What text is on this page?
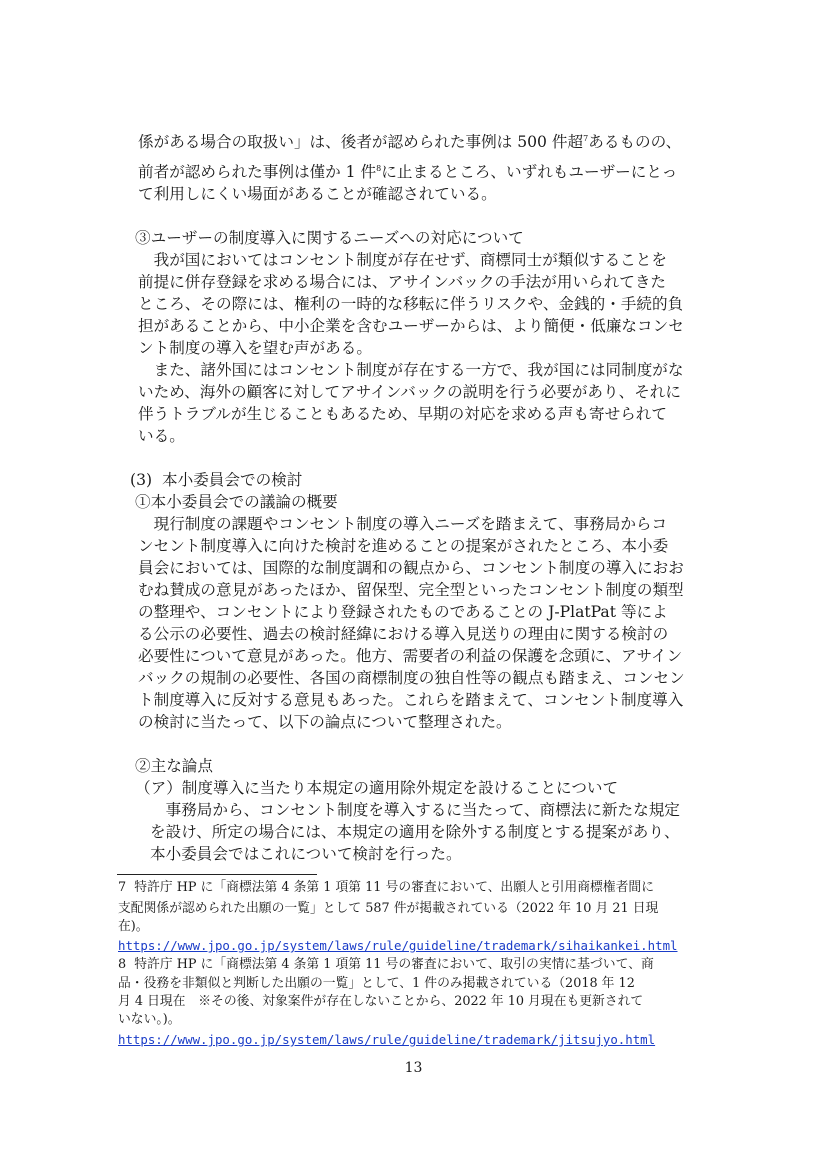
係がある場合の取扱い」は、後者が認められた事例は 500 件超$^7$あるものの、
前者が認められた事例は僅か 1 件$^8$に止まるところ、いずれもユーザーにとっ
て利用しにくい場面があることが確認されている。
③ユーザーの制度導入に関するニーズへの対応について
　我が国においてはコンセント制度が存在せず、商標同士が類似することを
前提に併存登録を求める場合には、アサインバックの手法が用いられてきた
ところ、その際には、権利の一時的な移転に伴うリスクや、金銭的・手続的負
担があることから、中小企業を含むユーザーからは、より簡便・低廉なコンセ
ント制度の導入を望む声がある。
　また、諸外国にはコンセント制度が存在する一方で、我が国には同制度がな
いため、海外の顧客に対してアサインバックの説明を行う必要があり、それに
伴うトラブルが生じることもあるため、早期の対応を求める声も寄せられて
いる。
(3)  本小委員会での検討
①本小委員会での議論の概要
　現行制度の課題やコンセント制度の導入ニーズを踏まえて、事務局からコ
ンセント制度導入に向けた検討を進めることの提案がされたところ、本小委
員会においては、国際的な制度調和の観点から、コンセント制度の導入におお
むね賛成の意見があったほか、留保型、完全型といったコンセント制度の類型
の整理や、コンセントにより登録されたものであることの J-PlatPat 等によ
る公示の必要性、過去の検討経緯における導入見送りの理由に関する検討の
必要性について意見があった。他方、需要者の利益の保護を念頭に、アサイン
バックの規制の必要性、各国の商標制度の独自性等の観点も踏まえ、コンセン
ト制度導入に反対する意見もあった。これらを踏まえて、コンセント制度導入
の検討に当たって、以下の論点について整理された。
②主な論点
（ア）制度導入に当たり本規定の適用除外規定を設けることについて
　事務局から、コンセント制度を導入するに当たって、商標法に新たな規定
を設け、所定の場合には、本規定の適用を除外する制度とする提案があり、
本小委員会ではこれについて検討を行った。
7  特許庁 HP に「商標法第 4 条第 1 項第 11 号の審査において、出願人と引用商標権者間に
支配関係が認められた出願の一覧」として 587 件が掲載されている（2022 年 10 月 21 日現
在)。
https://www.jpo.go.jp/system/laws/rule/guideline/trademark/sihaikankei.html
8  特許庁 HP に「商標法第 4 条第 1 項第 11 号の審査において、取引の実情に基づいて、商
品・役務を非類似と判断した出願の一覧」として、1 件のみ掲載されている（2018 年 12
月 4 日現在　※その後、対象案件が存在しないことから、2022 年 10 月現在も更新されて
いない。)。
https://www.jpo.go.jp/system/laws/rule/guideline/trademark/jitsujyo.html
13
